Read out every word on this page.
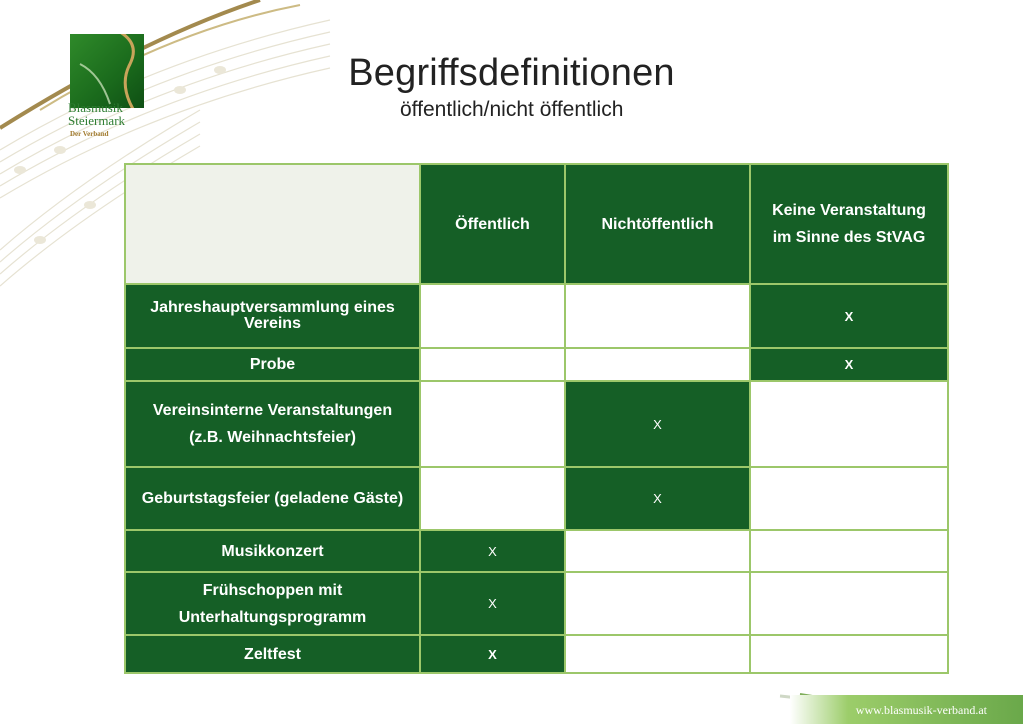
Blasmusik
Steiermark
Der Verband
Begriffsdefinitionen
öffentlich/nicht öffentlich
	Öffentlich	Nichtöffentlich	Keine Veranstaltung
im Sinne des StVAG

Jahreshauptversammlung eines
Vereins			X
Probe			X

Vereinsinterne Veranstaltungen
(z.B. Weihnachtsfeier)		X	
Geburtstagsfeier (geladene Gäste)		X	
Musikkonzert	X		

Frühschoppen mit
Unterhaltungsprogramm	X		
Zeltfest	X		
www.blasmusik-verband.at
